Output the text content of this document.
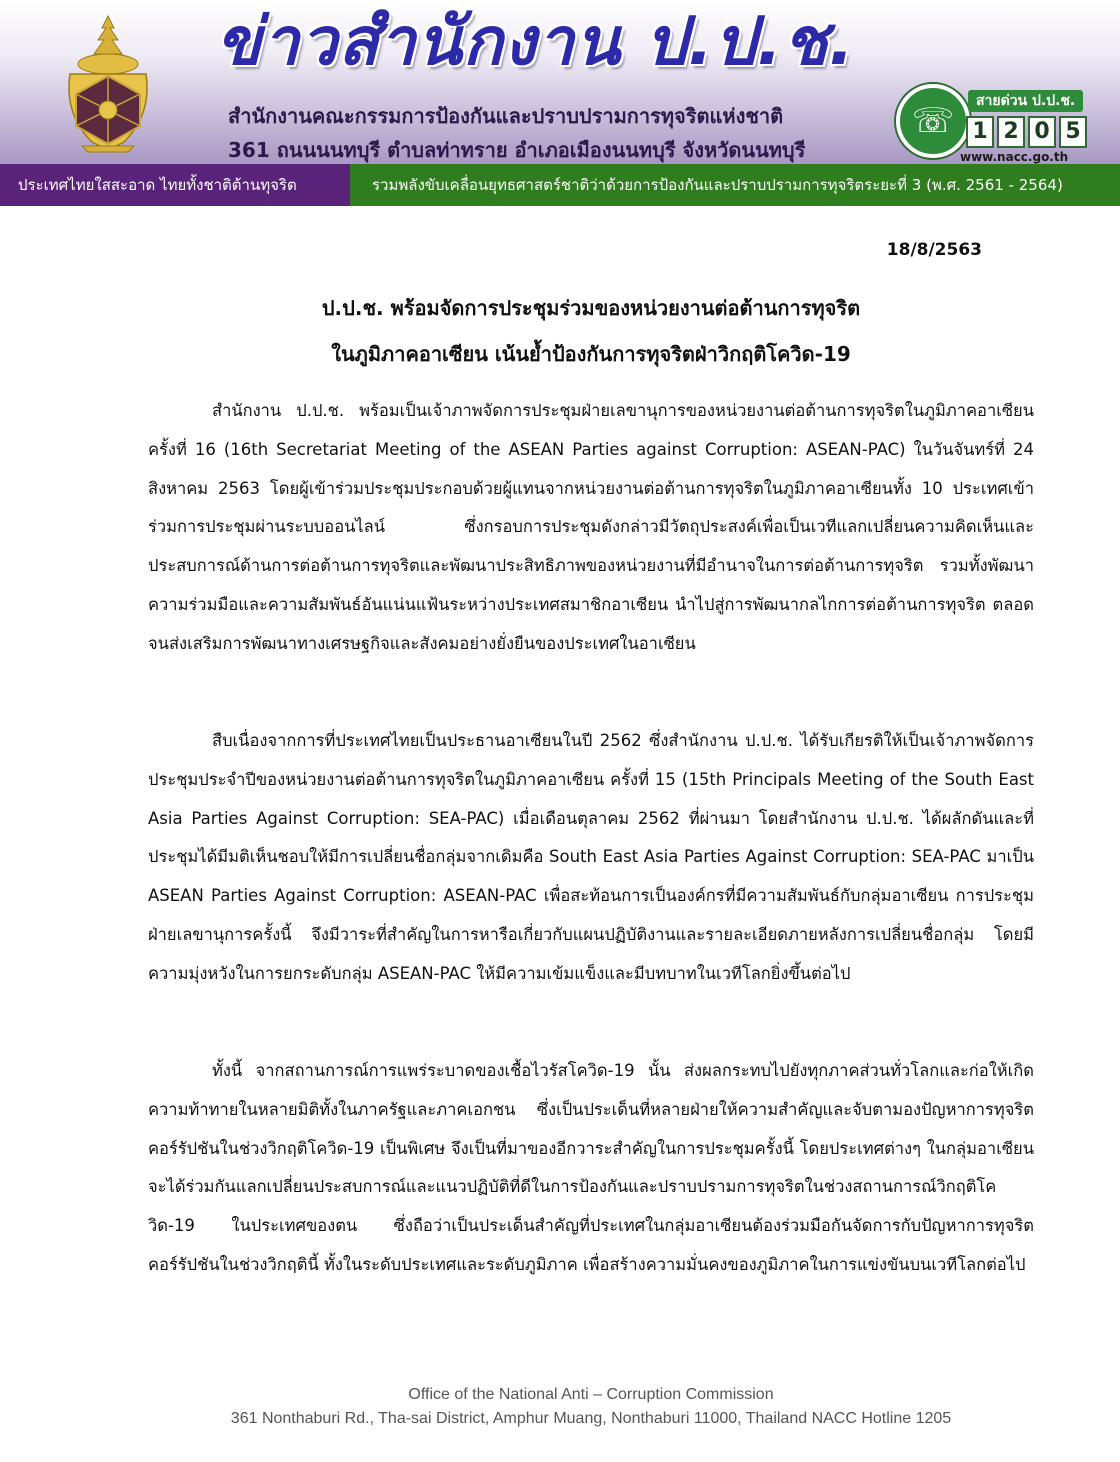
ข่าวสำนักงาน ป.ป.ช.
สำนักงานคณะกรรมการป้องกันและปราบปรามการทุจริตแห่งชาติ
361 ถนนนนทบุรี ตำบลท่าทราย อำเภอเมืองนนทบุรี จังหวัดนนทบุรี
☏	สายด่วน ป.ป.ช.
1 2 0 5
www.nacc.go.th
ประเทศไทยใสสะอาด ไทยทั้งชาติต้านทุจริต	รวมพลังขับเคลื่อนยุทธศาสตร์ชาติว่าด้วยการป้องกันและปราบปรามการทุจริตระยะที่ 3 (พ.ศ. 2561 - 2564)
18/8/2563
ป.ป.ช. พร้อมจัดการประชุมร่วมของหน่วยงานต่อต้านการทุจริต
ในภูมิภาคอาเซียน เน้นย้ำป้องกันการทุจริตฝ่าวิกฤติโควิด-19

สำนักงาน ป.ป.ช. พร้อมเป็นเจ้าภาพจัดการประชุมฝ่ายเลขานุการของหน่วยงานต่อต้านการทุจริตในภูมิภาคอาเซียน ครั้งที่ 16 (16th Secretariat Meeting of the ASEAN Parties against Corruption: ASEAN-PAC) ในวันจันทร์ที่ 24 สิงหาคม 2563 โดยผู้เข้าร่วมประชุมประกอบด้วยผู้แทนจากหน่วยงานต่อต้านการทุจริตในภูมิภาคอาเซียนทั้ง 10 ประเทศเข้าร่วมการประชุมผ่านระบบออนไลน์ ซึ่งกรอบการประชุมดังกล่าวมีวัตถุประสงค์เพื่อเป็นเวทีแลกเปลี่ยนความคิดเห็นและประสบการณ์ด้านการต่อต้านการทุจริตและพัฒนาประสิทธิภาพของหน่วยงานที่มีอำนาจในการต่อต้านการทุจริต รวมทั้งพัฒนาความร่วมมือและความสัมพันธ์อันแน่นแฟ้นระหว่างประเทศสมาชิกอาเซียน นำไปสู่การพัฒนากลไกการต่อต้านการทุจริต ตลอดจนส่งเสริมการพัฒนาทางเศรษฐกิจและสังคมอย่างยั่งยืนของประเทศในอาเซียน

สืบเนื่องจากการที่ประเทศไทยเป็นประธานอาเซียนในปี 2562 ซึ่งสำนักงาน ป.ป.ช. ได้รับเกียรติให้เป็นเจ้าภาพจัดการประชุมประจำปีของหน่วยงานต่อต้านการทุจริตในภูมิภาคอาเซียน ครั้งที่ 15 (15th Principals Meeting of the South East Asia Parties Against Corruption: SEA-PAC) เมื่อเดือนตุลาคม 2562 ที่ผ่านมา โดยสำนักงาน ป.ป.ช. ได้ผลักดันและที่ประชุมได้มีมติเห็นชอบให้มีการเปลี่ยนชื่อกลุ่มจากเดิมคือ South East Asia Parties Against Corruption: SEA-PAC มาเป็น ASEAN Parties Against Corruption: ASEAN-PAC เพื่อสะท้อนการเป็นองค์กรที่มีความสัมพันธ์กับกลุ่มอาเซียน การประชุมฝ่ายเลขานุการครั้งนี้ จึงมีวาระที่สำคัญในการหารือเกี่ยวกับแผนปฏิบัติงานและรายละเอียดภายหลังการเปลี่ยนชื่อกลุ่ม โดยมีความมุ่งหวังในการยกระดับกลุ่ม ASEAN-PAC ให้มีความเข้มแข็งและมีบทบาทในเวทีโลกยิ่งขึ้นต่อไป

ทั้งนี้ จากสถานการณ์การแพร่ระบาดของเชื้อไวรัสโควิด-19 นั้น ส่งผลกระทบไปยังทุกภาคส่วนทั่วโลกและก่อให้เกิดความท้าทายในหลายมิติทั้งในภาครัฐและภาคเอกชน ซึ่งเป็นประเด็นที่หลายฝ่ายให้ความสำคัญและจับตามองปัญหาการทุจริตคอร์รัปชันในช่วงวิกฤติโควิด-19 เป็นพิเศษ จึงเป็นที่มาของอีกวาระสำคัญในการประชุมครั้งนี้ โดยประเทศต่างๆ ในกลุ่มอาเซียนจะได้ร่วมกันแลกเปลี่ยนประสบการณ์และแนวปฏิบัติที่ดีในการป้องกันและปราบปรามการทุจริตในช่วงสถานการณ์วิกฤติโควิด-19 ในประเทศของตน ซึ่งถือว่าเป็นประเด็นสำคัญที่ประเทศในกลุ่มอาเซียนต้องร่วมมือกันจัดการกับปัญหาการทุจริตคอร์รัปชันในช่วงวิกฤตินี้ ทั้งในระดับประเทศและระดับภูมิภาค เพื่อสร้างความมั่นคงของภูมิภาคในการแข่งขันบนเวทีโลกต่อไป

Office of the National Anti – Corruption Commission
361 Nonthaburi Rd., Tha-sai District, Amphur Muang, Nonthaburi 11000, Thailand NACC Hotline 1205
